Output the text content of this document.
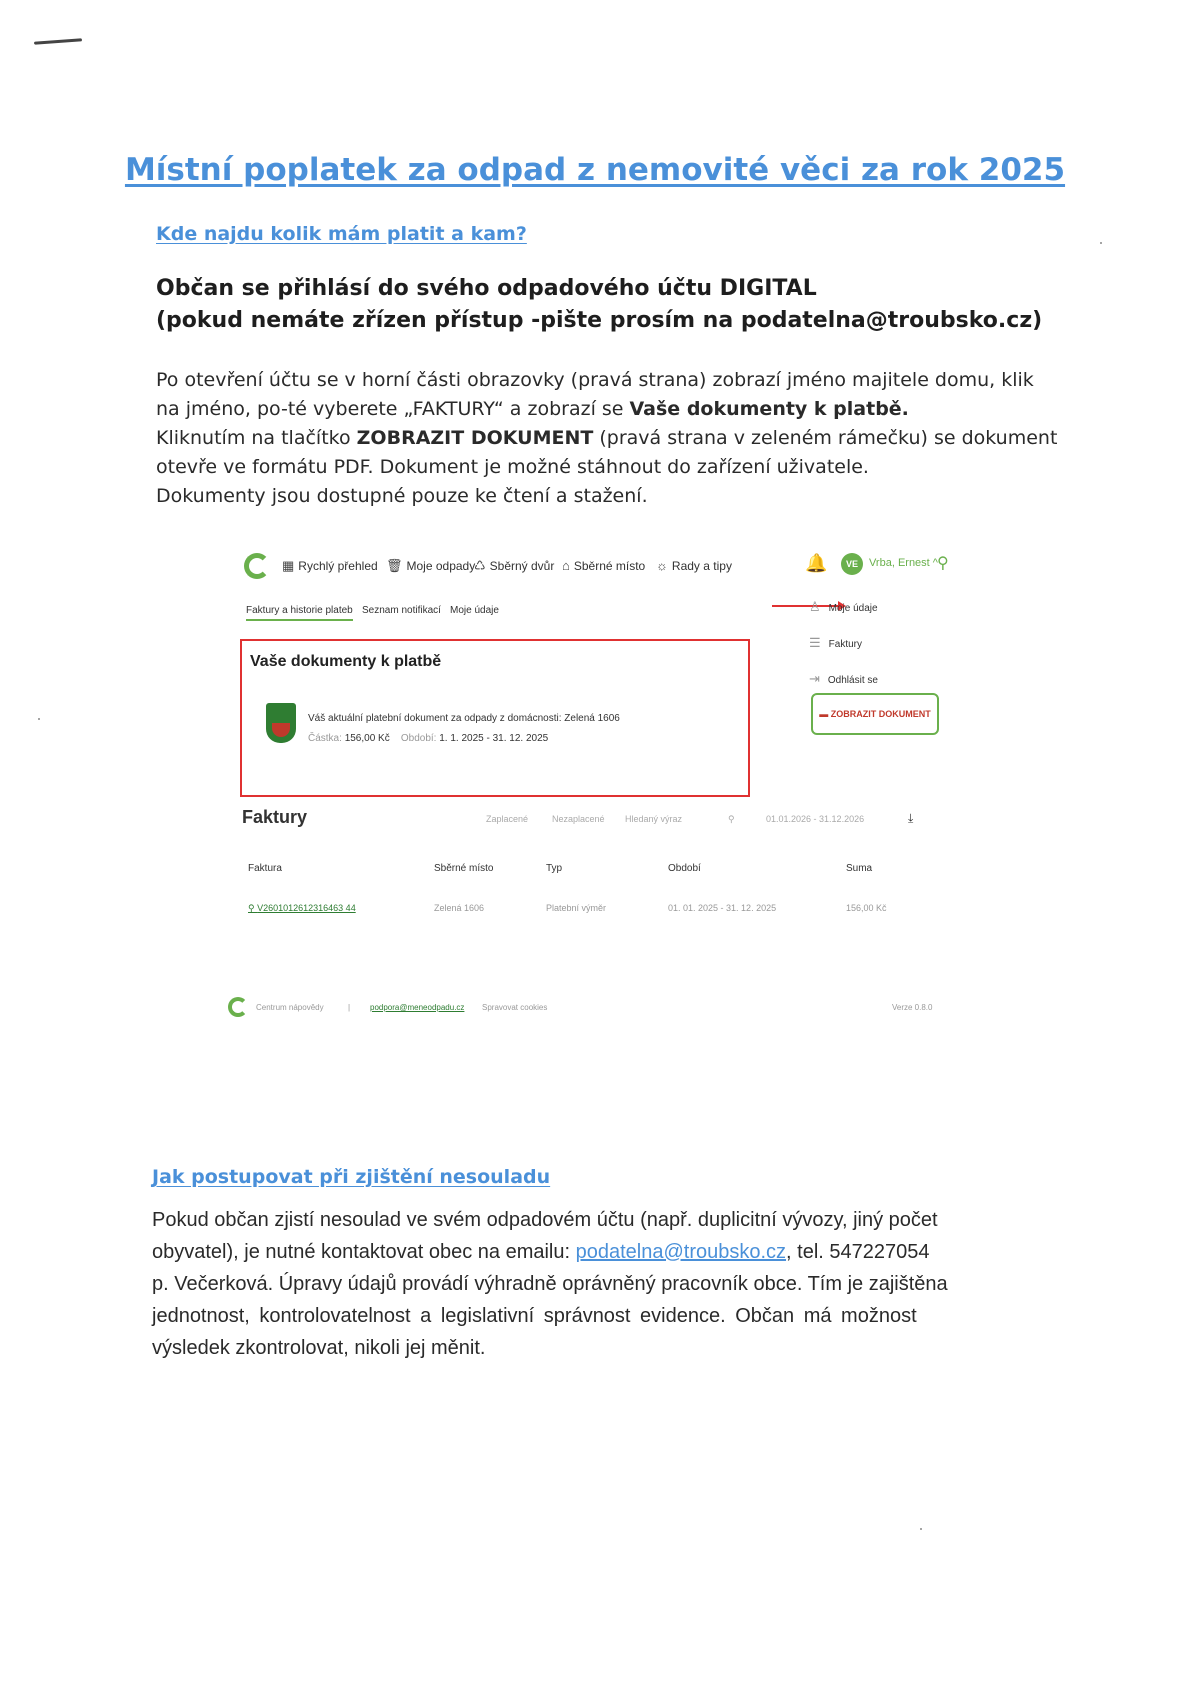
Místní poplatek za odpad z nemovité věci za rok 2025
Kde najdu kolik mám platit a kam?
Občan se přihlásí do svého odpadového účtu DIGITAL
(pokud nemáte zřízen přístup -pište prosím na podatelna@troubsko.cz)
Po otevření účtu se v horní části obrazovky (pravá strana) zobrazí jméno majitele domu, klik
na jméno, po-té vyberete „FAKTURY“ a zobrazí se Vaše dokumenty k platbě.
Kliknutím na tlačítko ZOBRAZIT DOKUMENT (pravá strana v zeleném rámečku) se dokument
otevře ve formátu PDF. Dokument je možné stáhnout do zařízení uživatele.
Dokumenty jsou dostupné pouze ke čtení a stažení.
▦ Rychlý přehled 🗑 Moje odpady
♺ Sběrný dvůr ⌂ Sběrné místo ☼ Rady a tipy
Faktury a historie plateb Seznam notifikací Moje údaje
Vaše dokumenty k platbě
Váš aktuální platební dokument za odpady z domácnosti: Zelená 1606
Částka: 156,00 Kč Období: 1. 1. 2025 - 31. 12. 2025
🔔	VE	Vrba, Ernest ^ ⚲
♙ Moje údaje
☰ Faktury
⇥ Odhlásit se
▬ ZOBRAZIT DOKUMENT
Faktury	Zaplacené	Nezaplacené Hledaný výraz	⚲	01.01.2026 - 31.12.2026	⤓
Faktura	Sběrné místo	Typ	Období	Suma
⚲ V2601012612316463 44	Zelená 1606	Platební výměr	01. 01. 2025 - 31. 12. 2025	156,00 Kč
Centrum nápovědy	| podpora@meneodpadu.cz Spravovat cookies	Verze 0.8.0
Jak postupovat při zjištění nesouladu
Pokud občan zjistí nesoulad ve svém odpadovém účtu (např. duplicitní vývozy, jiný počet
obyvatel), je nutné kontaktovat obec na emailu: podatelna@troubsko.cz, tel. 547227054
p. Večerková. Úpravy údajů provádí výhradně oprávněný pracovník obce. Tím je zajištěna
jednotnost, kontrolovatelnost a legislativní správnost evidence. Občan má možnost
výsledek zkontrolovat, nikoli jej měnit.
